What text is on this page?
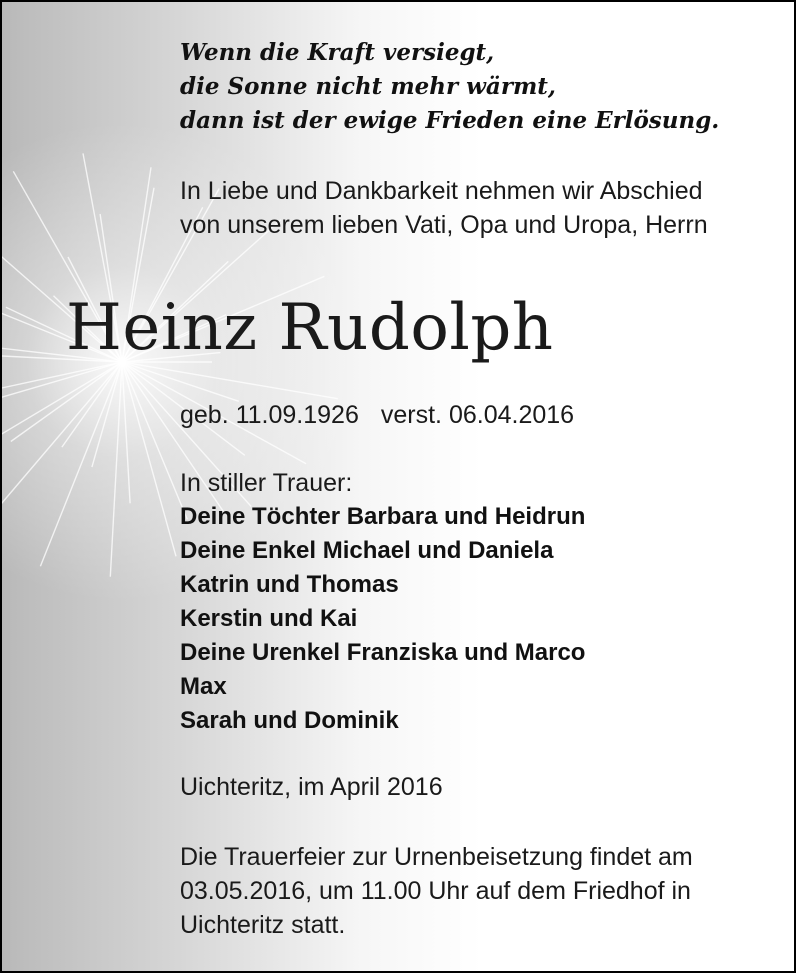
Wenn die Kraft versiegt,
die Sonne nicht mehr wärmt,
dann ist der ewige Frieden eine Erlösung.
In Liebe und Dankbarkeit nehmen wir Abschied
von unserem lieben Vati, Opa und Uropa, Herrn
Heinz Rudolph
geb. 11.09.1926 verst. 06.04.2016
In stiller Trauer:
Deine Töchter Barbara und Heidrun
Deine Enkel Michael und Daniela
Katrin und Thomas
Kerstin und Kai
Deine Urenkel Franziska und Marco
Max
Sarah und Dominik
Uichteritz, im April 2016
Die Trauerfeier zur Urnenbeisetzung findet am
03.05.2016, um 11.00 Uhr auf dem Friedhof in
Uichteritz statt.
